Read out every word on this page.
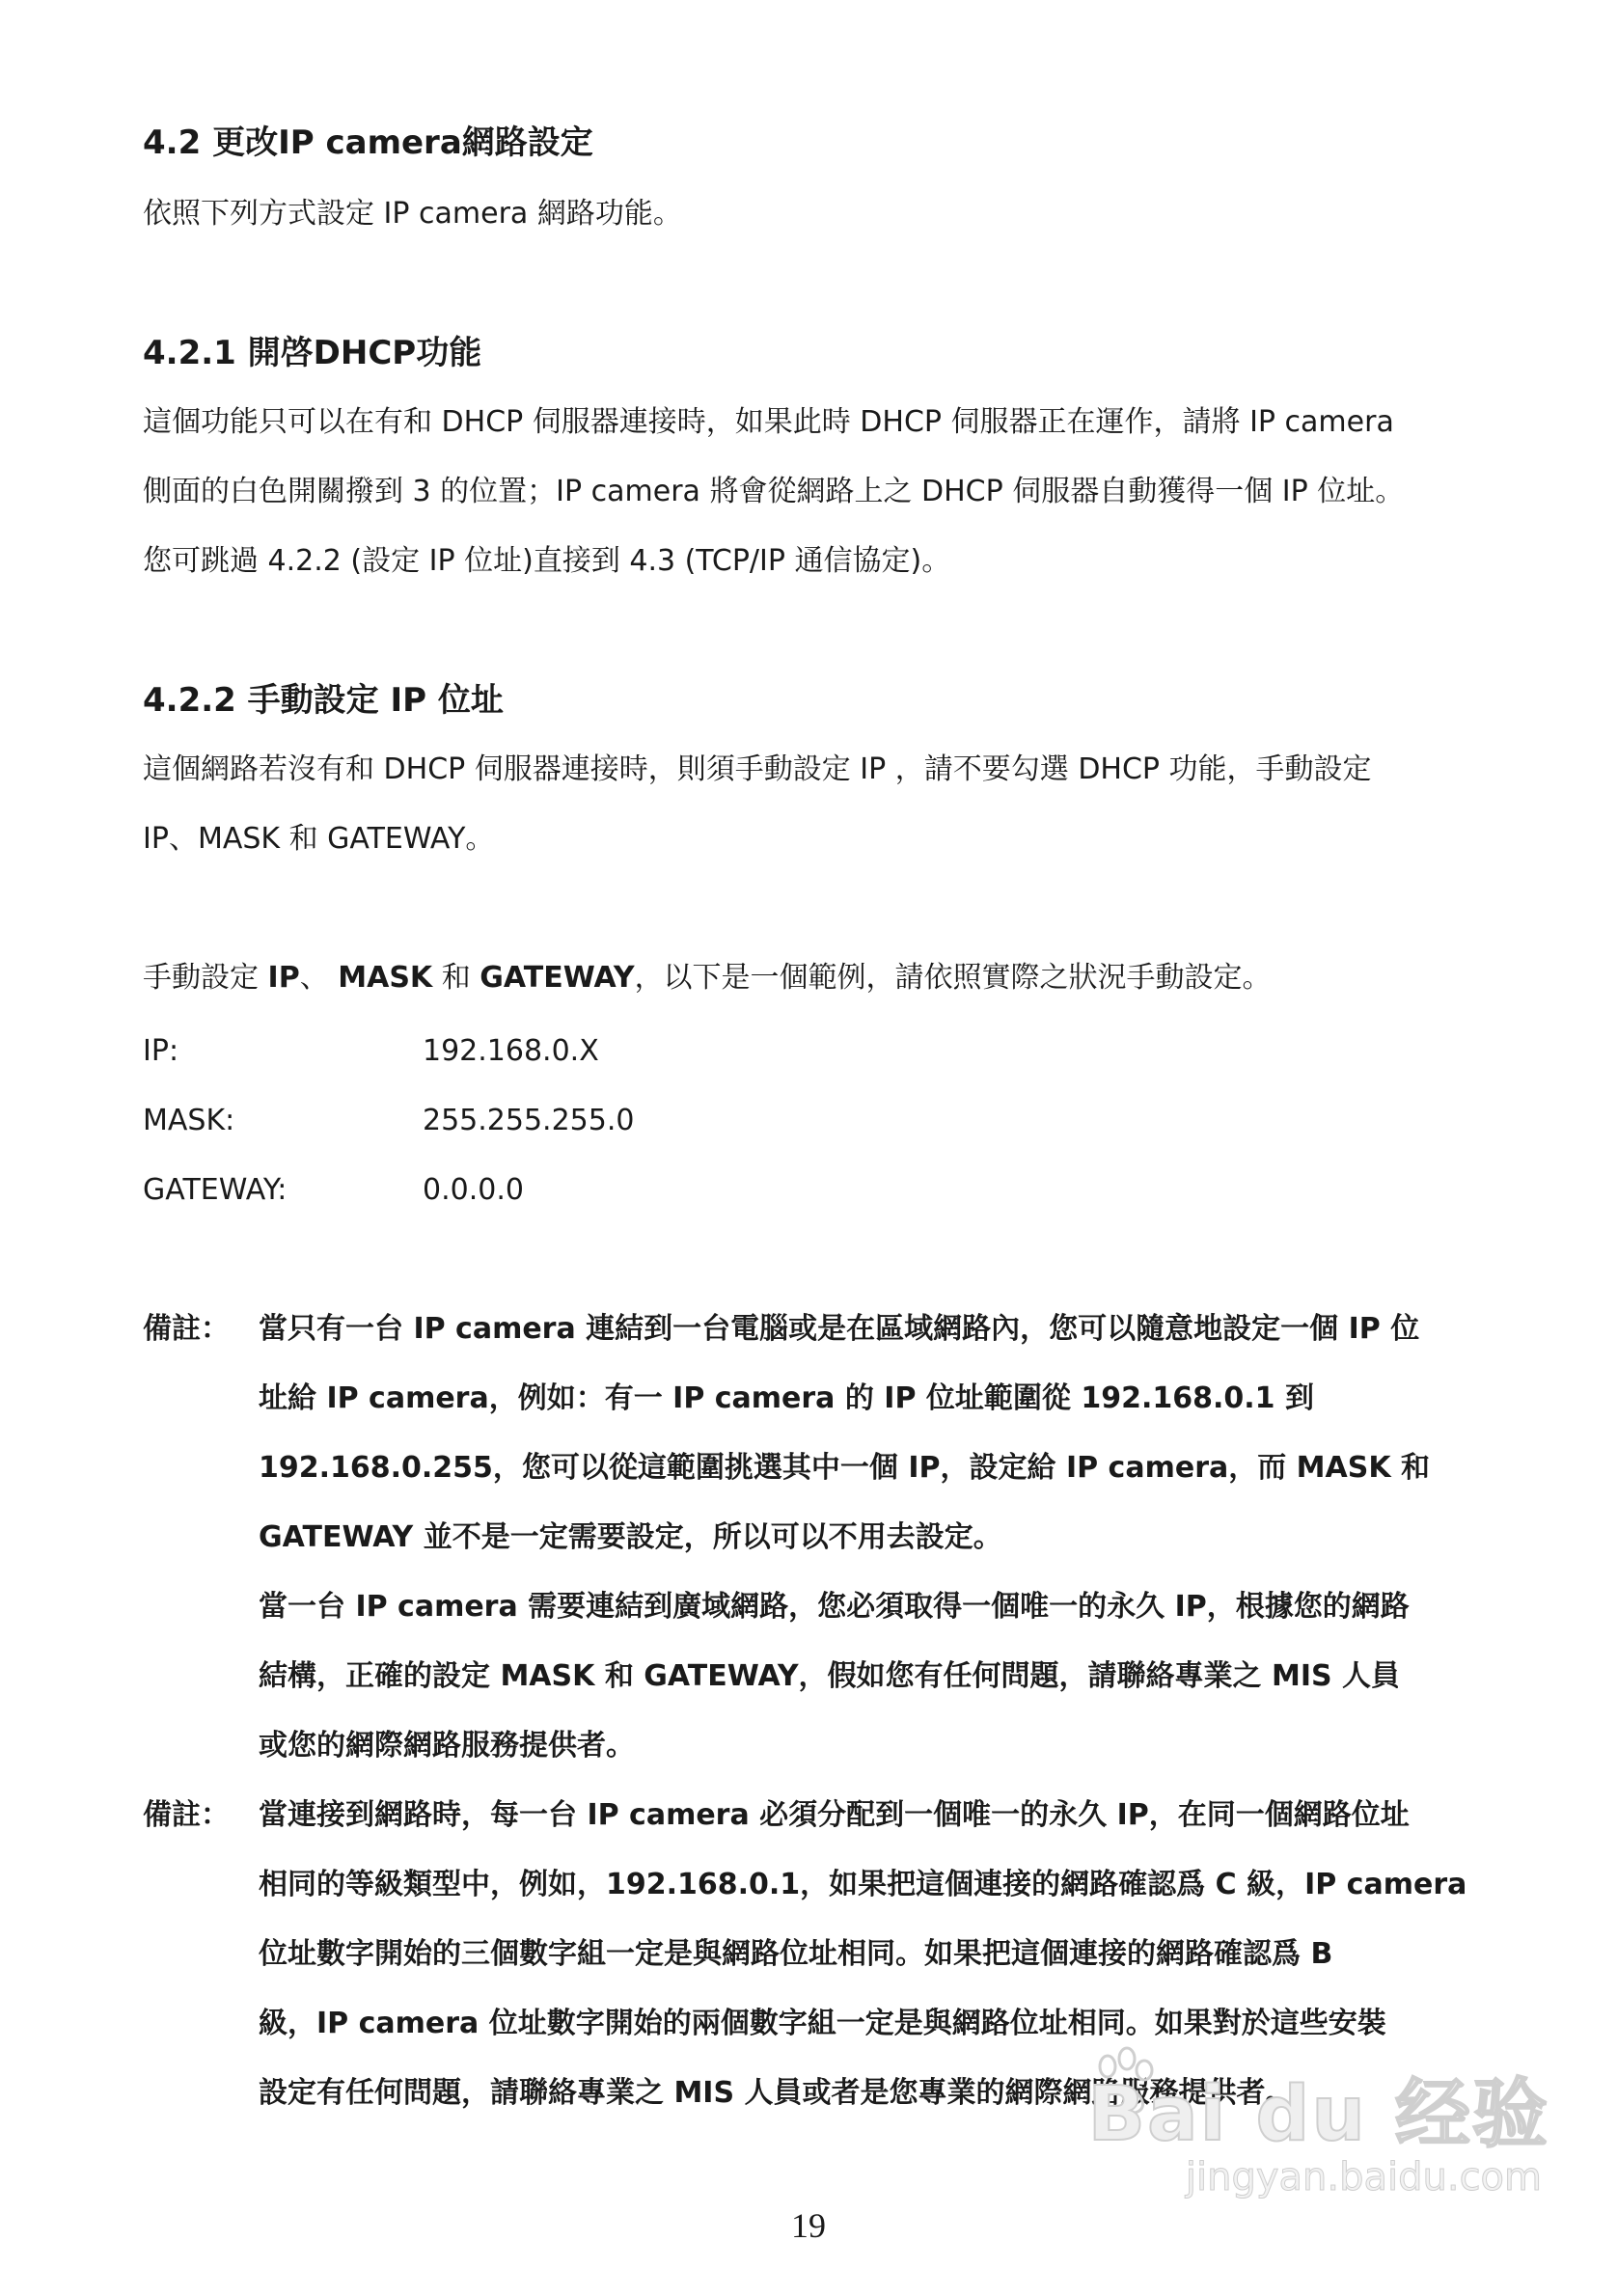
4.2 更改IP camera網路設定
依照下列方式設定 IP camera 網路功能。
4.2.1 開啓DHCP功能
這個功能只可以在有和 DHCP 伺服器連接時，如果此時 DHCP 伺服器正在運作，請將 IP camera
側面的白色開關撥到 3 的位置；IP camera 將會從網路上之 DHCP 伺服器自動獲得一個 IP 位址。
您可跳過 4.2.2 (設定 IP 位址)直接到 4.3 (TCP/IP 通信協定)。
4.2.2 手動設定 IP 位址
這個網路若沒有和 DHCP 伺服器連接時，則須手動設定 IP ，請不要勾選 DHCP 功能，手動設定
IP、MASK 和 GATEWAY。
手動設定 IP、 MASK 和 GATEWAY，以下是一個範例，請依照實際之狀況手動設定。
IP:	192.168.0.X
MASK:	255.255.255.0
GATEWAY:	0.0.0.0
備註： 當只有一台 IP camera 連結到一台電腦或是在區域網路內，您可以隨意地設定一個 IP 位
址給 IP camera，例如：有一 IP camera 的 IP 位址範圍從 192.168.0.1 到
192.168.0.255，您可以從這範圍挑選其中一個 IP，設定給 IP camera，而 MASK 和
GATEWAY 並不是一定需要設定，所以可以不用去設定。
當一台 IP camera 需要連結到廣域網路，您必須取得一個唯一的永久 IP，根據您的網路
結構，正確的設定 MASK 和 GATEWAY，假如您有任何問題，請聯絡專業之 MIS 人員
或您的網際網路服務提供者。
備註： 當連接到網路時，每一台 IP camera 必須分配到一個唯一的永久 IP，在同一個網路位址
相同的等級類型中，例如，192.168.0.1，如果把這個連接的網路確認爲 C 級，IP camera
位址數字開始的三個數字組一定是與網路位址相同。如果把這個連接的網路確認爲 B
級，IP camera 位址數字開始的兩個數字組一定是與網路位址相同。如果對於這些安裝
設定有任何問題，請聯絡專業之 MIS 人員或者是您專業的網際網路服務提供者。
Bai du 经验
jingyan.baidu.com
19
